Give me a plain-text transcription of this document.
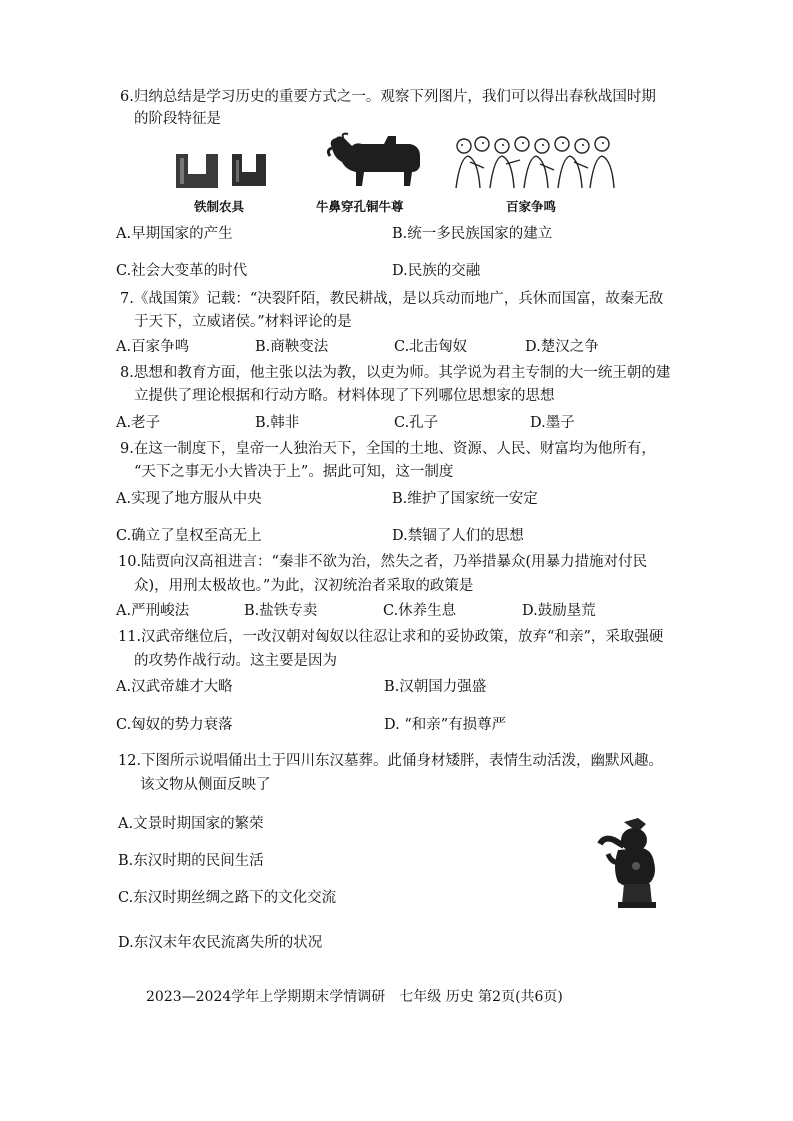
6.归纳总结是学习历史的重要方式之一。观察下列图片，我们可以得出春秋战国时期
的阶段特征是
铁制农具	牛鼻穿孔铜牛尊	百家争鸣
A.早期国家的产生	B.统一多民族国家的建立
C.社会大变革的时代	D.民族的交融
7.《战国策》记载：“决裂阡陌，教民耕战，是以兵动而地广，兵休而国富，故秦无敌
于天下，立威诸侯。”材料评论的是
A.百家争鸣	B.商鞅变法	C.北击匈奴	D.楚汉之争
8.思想和教育方面，他主张以法为教，以吏为师。其学说为君主专制的大一统王朝的建
立提供了理论根据和行动方略。材料体现了下列哪位思想家的思想
A.老子	B.韩非	C.孔子	D.墨子
9.在这一制度下，皇帝一人独治天下，全国的土地、资源、人民、财富均为他所有，
“天下之事无小大皆决于上”。据此可知，这一制度
A.实现了地方服从中央	B.维护了国家统一安定
C.确立了皇权至高无上	D.禁锢了人们的思想
10.陆贾向汉高祖进言：“秦非不欲为治，然失之者，乃举措暴众(用暴力措施对付民
众)，用刑太极故也。”为此，汉初统治者采取的政策是
A.严刑峻法	B.盐铁专卖	C.休养生息	D.鼓励垦荒
11.汉武帝继位后，一改汉朝对匈奴以往忍让求和的妥协政策，放弃“和亲”，采取强硬
的攻势作战行动。这主要是因为
A.汉武帝雄才大略	B.汉朝国力强盛
C.匈奴的势力衰落	D. “和亲”有损尊严
12.下图所示说唱俑出土于四川东汉墓葬。此俑身材矮胖，表情生动活泼，幽默风趣。
该文物从侧面反映了
A.文景时期国家的繁荣
B.东汉时期的民间生活
C.东汉时期丝绸之路下的文化交流
D.东汉末年农民流离失所的状况
2023—2024学年上学期期末学情调研　七年级 历史 第2页(共6页)
